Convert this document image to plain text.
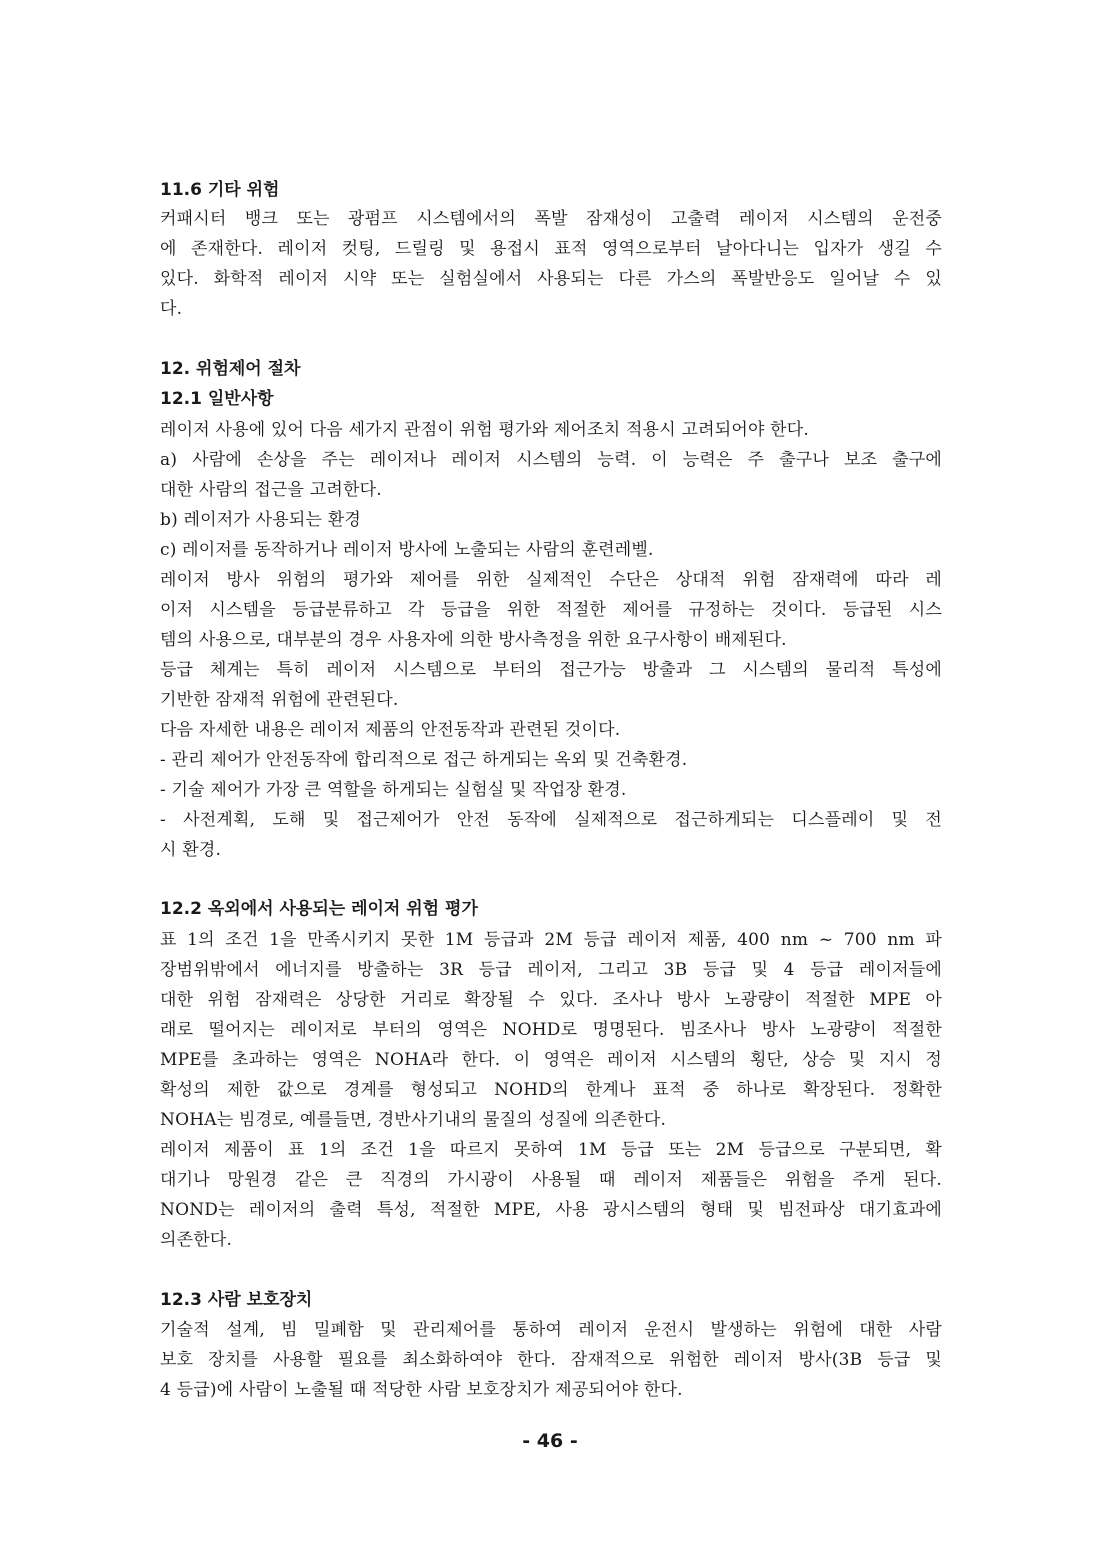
11.6 기타 위험
커패시터 뱅크 또는 광펌프 시스템에서의 폭발 잠재성이 고출력 레이저 시스템의 운전중
에 존재한다. 레이저 컷팅, 드릴링 및 용접시 표적 영역으로부터 날아다니는 입자가 생길 수
있다. 화학적 레이저 시약 또는 실험실에서 사용되는 다른 가스의 폭발반응도 일어날 수 있
다.
12. 위험제어 절차
12.1 일반사항
레이저 사용에 있어 다음 세가지 관점이 위험 평가와 제어조치 적용시 고려되어야 한다.
a) 사람에 손상을 주는 레이저나 레이저 시스템의 능력. 이 능력은 주 출구나 보조 출구에
대한 사람의 접근을 고려한다.
b) 레이저가 사용되는 환경
c) 레이저를 동작하거나 레이저 방사에 노출되는 사람의 훈련레벨.
레이저 방사 위험의 평가와 제어를 위한 실제적인 수단은 상대적 위험 잠재력에 따라 레
이저 시스템을 등급분류하고 각 등급을 위한 적절한 제어를 규정하는 것이다. 등급된 시스
템의 사용으로, 대부분의 경우 사용자에 의한 방사측정을 위한 요구사항이 배제된다.
등급 체계는 특히 레이저 시스템으로 부터의 접근가능 방출과 그 시스템의 물리적 특성에
기반한 잠재적 위험에 관련된다.
다음 자세한 내용은 레이저 제품의 안전동작과 관련된 것이다.
- 관리 제어가 안전동작에 합리적으로 접근 하게되는 옥외 및 건축환경.
- 기술 제어가 가장 큰 역할을 하게되는 실험실 및 작업장 환경.
- 사전계획, 도해 및 접근제어가 안전 동작에 실제적으로 접근하게되는 디스플레이 및 전
시 환경.
12.2 옥외에서 사용되는 레이저 위험 평가
표 1의 조건 1을 만족시키지 못한 1M 등급과 2M 등급 레이저 제품, 400 nm ~ 700 nm 파
장범위밖에서 에너지를 방출하는 3R 등급 레이저, 그리고 3B 등급 및 4 등급 레이저들에
대한 위험 잠재력은 상당한 거리로 확장될 수 있다. 조사나 방사 노광량이 적절한 MPE 아
래로 떨어지는 레이저로 부터의 영역은 NOHD로 명명된다. 빔조사나 방사 노광량이 적절한
MPE를 초과하는 영역은 NOHA라 한다. 이 영역은 레이저 시스템의 횡단, 상승 및 지시 정
확성의 제한 값으로 경계를 형성되고 NOHD의 한계나 표적 중 하나로 확장된다. 정확한
NOHA는 빔경로, 예를들면, 경반사기내의 물질의 성질에 의존한다.
레이저 제품이 표 1의 조건 1을 따르지 못하여 1M 등급 또는 2M 등급으로 구분되면, 확
대기나 망원경 같은 큰 직경의 가시광이 사용될 때 레이저 제품들은 위험을 주게 된다.
NOND는 레이저의 출력 특성, 적절한 MPE, 사용 광시스템의 형태 및 빔전파상 대기효과에
의존한다.
12.3 사람 보호장치
기술적 설계, 빔 밀폐함 및 관리제어를 통하여 레이저 운전시 발생하는 위험에 대한 사람
보호 장치를 사용할 필요를 최소화하여야 한다. 잠재적으로 위험한 레이저 방사(3B 등급 및
4 등급)에 사람이 노출될 때 적당한 사람 보호장치가 제공되어야 한다.
- 46 -
